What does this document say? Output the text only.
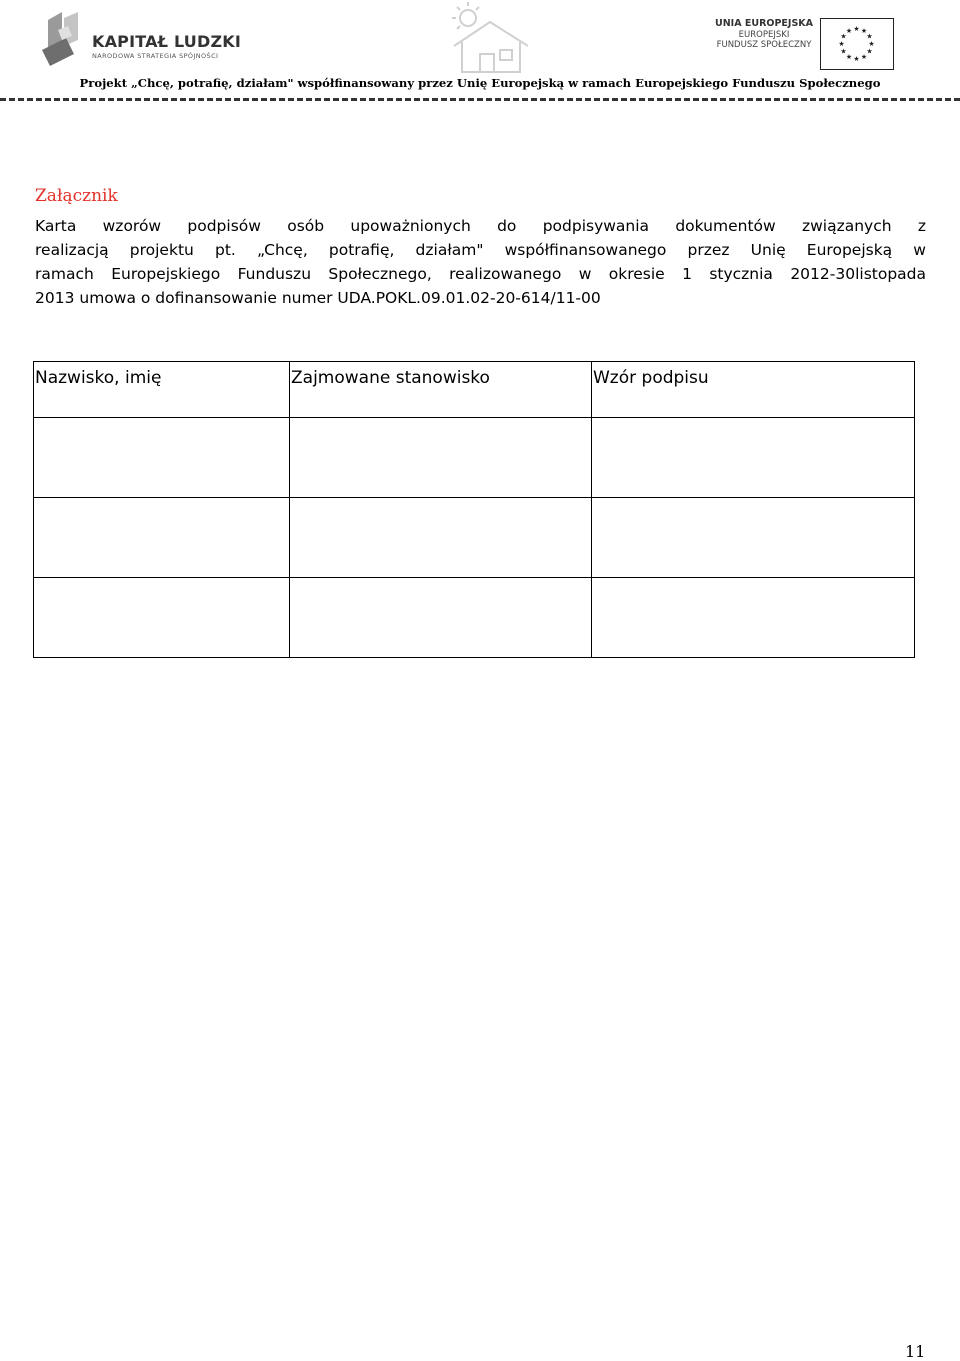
KAPITAŁ LUDZKI
NARODOWA STRATEGIA SPÓJNOŚCI
UNIA EUROPEJSKA
EUROPEJSKI
FUNDUSZ SPOŁECZNY
★ ★
★
★
★
★
★
★
★
★
★
★
Projekt „Chcę, potrafię, działam" współfinansowany przez Unię Europejską w ramach Europejskiego Funduszu Społecznego
Załącznik
Karta wzorów podpisów osób upoważnionych do podpisywania dokumentów związanych z
realizacją projektu pt. „Chcę, potrafię, działam" współfinansowanego przez Unię Europejską w
ramach Europejskiego Funduszu Społecznego, realizowanego w okresie 1 stycznia 2012-30listopada
2013 umowa o dofinansowanie numer UDA.POKL.09.01.02-20-614/11-00
Nazwisko, imię	Zajmowane stanowisko	Wzór podpisu

11
